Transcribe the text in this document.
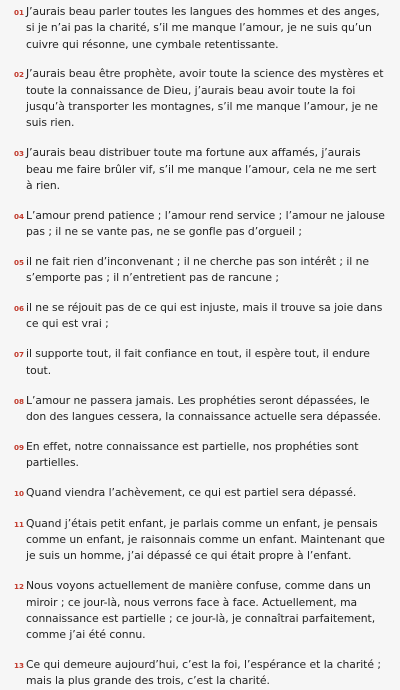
01 J’aurais beau parler toutes les langues des hommes et des anges, si je n’ai pas la charité, s’il me manque l’amour, je ne suis qu’un cuivre qui résonne, une cymbale retentissante.
02 J’aurais beau être prophète, avoir toute la science des mystères et toute la connaissance de Dieu, j’aurais beau avoir toute la foi jusqu’à transporter les montagnes, s’il me manque l’amour, je ne suis rien.
03 J’aurais beau distribuer toute ma fortune aux affamés, j’aurais beau me faire brûler vif, s’il me manque l’amour, cela ne me sert à rien.
04 L’amour prend patience ; l’amour rend service ; l’amour ne jalouse pas ; il ne se vante pas, ne se gonfle pas d’orgueil ;
05 il ne fait rien d’inconvenant ; il ne cherche pas son intérêt ; il ne s’emporte pas ; il n’entretient pas de rancune ;
06 il ne se réjouit pas de ce qui est injuste, mais il trouve sa joie dans ce qui est vrai ;
07 il supporte tout, il fait confiance en tout, il espère tout, il endure tout.
08 L’amour ne passera jamais. Les prophéties seront dépassées, le don des langues cessera, la connaissance actuelle sera dépassée.
09 En effet, notre connaissance est partielle, nos prophéties sont partielles.
10 Quand viendra l’achèvement, ce qui est partiel sera dépassé.
11 Quand j’étais petit enfant, je parlais comme un enfant, je pensais comme un enfant, je raisonnais comme un enfant. Maintenant que je suis un homme, j’ai dépassé ce qui était propre à l’enfant.
12 Nous voyons actuellement de manière confuse, comme dans un miroir ; ce jour-là, nous verrons face à face. Actuellement, ma connaissance est partielle ; ce jour-là, je connaîtrai parfaitement, comme j’ai été connu.
13 Ce qui demeure aujourd’hui, c’est la foi, l’espérance et la charité ; mais la plus grande des trois, c’est la charité.
